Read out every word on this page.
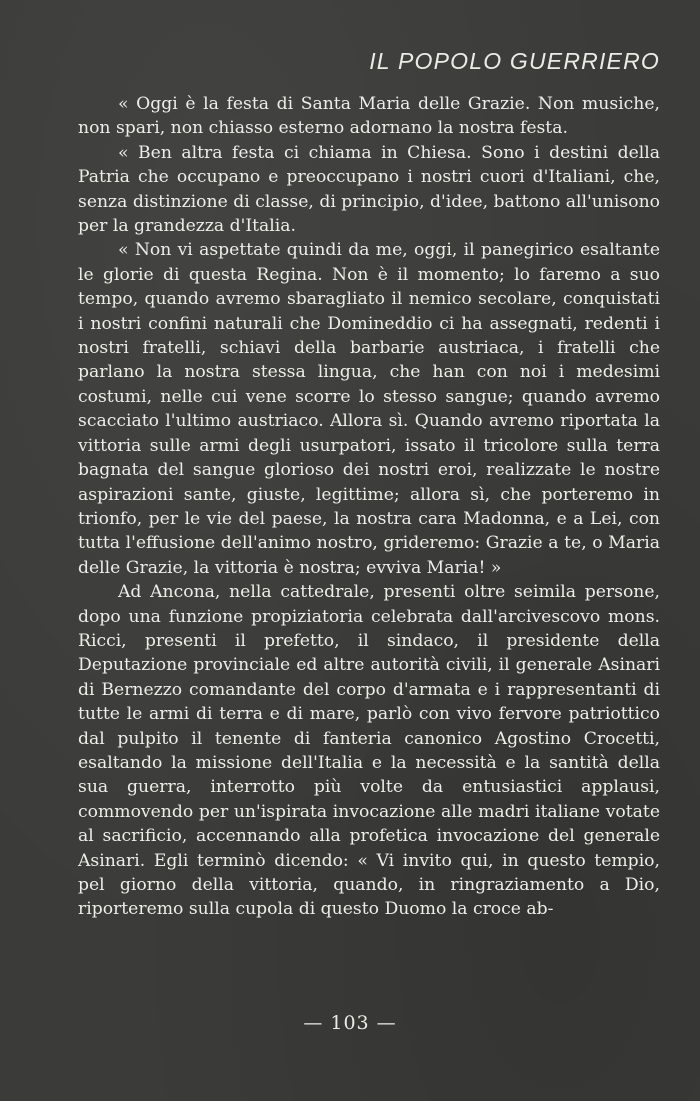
IL POPOLO GUERRIERO

« Oggi è la festa di Santa Maria delle Grazie. Non musiche, non spari, non chiasso esterno adornano la nostra festa.

« Ben altra festa ci chiama in Chiesa. Sono i destini della Patria che occupano e preoccupano i nostri cuori d'Italiani, che, senza distinzione di classe, di principio, d'idee, battono all'unisono per la grandezza d'Italia.

« Non vi aspettate quindi da me, oggi, il panegirico esaltante le glorie di questa Regina. Non è il momento; lo faremo a suo tempo, quando avremo sbaragliato il nemico secolare, conquistati i nostri confini naturali che Domineddio ci ha assegnati, redenti i nostri fratelli, schiavi della barbarie austriaca, i fratelli che parlano la nostra stessa lingua, che han con noi i medesimi costumi, nelle cui vene scorre lo stesso sangue; quando avremo scacciato l'ultimo austriaco. Allora sì. Quando avremo riportata la vittoria sulle armi degli usurpatori, issato il tricolore sulla terra bagnata del sangue glorioso dei nostri eroi, realizzate le nostre aspirazioni sante, giuste, legittime; allora sì, che porteremo in trionfo, per le vie del paese, la nostra cara Madonna, e a Lei, con tutta l'effusione dell'animo nostro, grideremo: Grazie a te, o Maria delle Grazie, la vittoria è nostra; evviva Maria! »

Ad Ancona, nella cattedrale, presenti oltre seimila persone, dopo una funzione propiziatoria celebrata dall'arcivescovo mons. Ricci, presenti il prefetto, il sindaco, il presidente della Deputazione provinciale ed altre autorità civili, il generale Asinari di Bernezzo comandante del corpo d'armata e i rappresentanti di tutte le armi di terra e di mare, parlò con vivo fervore patriottico dal pulpito il tenente di fanteria canonico Agostino Crocetti, esaltando la missione dell'Italia e la necessità e la santità della sua guerra, interrotto più volte da entusiastici applausi, commovendo per un'ispirata invocazione alle madri italiane votate al sacrificio, accennando alla profetica invocazione del generale Asinari. Egli terminò dicendo: « Vi invito qui, in questo tempio, pel giorno della vittoria, quando, in ringraziamento a Dio, riporteremo sulla cupola di questo Duomo la croce ab-

— 103 —
